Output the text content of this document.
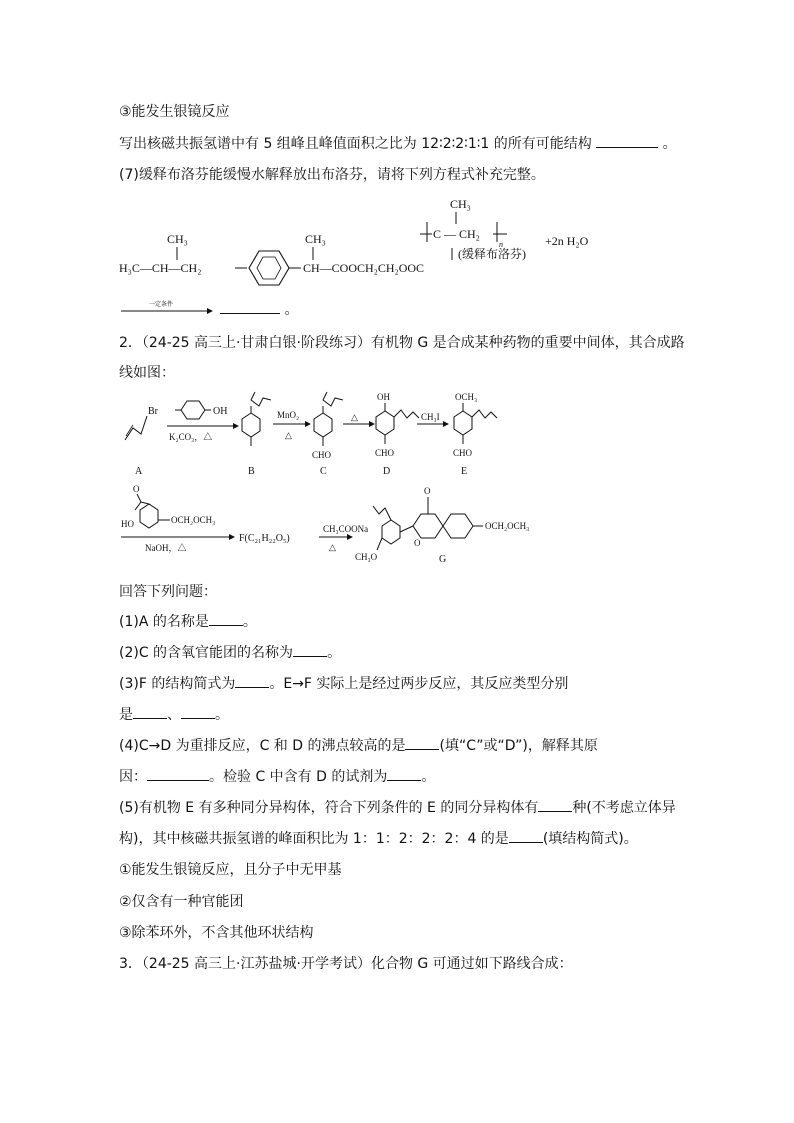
③能发生银镜反应
写出核磁共振氢谱中有 5 组峰且峰值面积之比为 12∶2∶2∶1∶1 的所有可能结构	。
(7)缓释布洛芬能缓慢水解释放出布洛芬，请将下列方程式补充完整。
CH₃
H₃C—CH—CH₂
CH₃
CH—COOCH₂CH₂OOC
CH₃
C — CH₂
n
(缓释布洛芬)
+2n H₂O
一定条件	。
2．（24-25 高三上·甘肃白银·阶段练习）有机物 G 是合成某种药物的重要中间体，其合成路
线如图：
Br
A
OH
K₂CO₃，△
B
MnO₂
△
CHO
C
△
OH
CHO
D
CH₃I
OCH₃
CHO
E
O
HO	OCH₂OCH₃
NaOH，△
F(C₂₁H₂₂O₅)
CH₃COONa
△
CH₃O
O
O
OCH₂OCH₃
G
回答下列问题：
(1)A 的名称是 。
(2)C 的含氧官能团的名称为 。
(3)F 的结构简式为 。E→F 实际上是经过两步反应，其反应类型分别
是 、 。
(4)C→D 为重排反应，C 和 D 的沸点较高的是 (填“C”或“D”)，解释其原
因：	。检验 C 中含有 D 的试剂为 。
(5)有机物 E 有多种同分异构体，符合下列条件的 E 的同分异构体有 种(不考虑立体异
构)，其中核磁共振氢谱的峰面积比为 1：1：2：2：2：4 的是 (填结构简式)。
①能发生银镜反应，且分子中无甲基
②仅含有一种官能团
③除苯环外，不含其他环状结构
3．（24-25 高三上·江苏盐城·开学考试）化合物 G 可通过如下路线合成：
